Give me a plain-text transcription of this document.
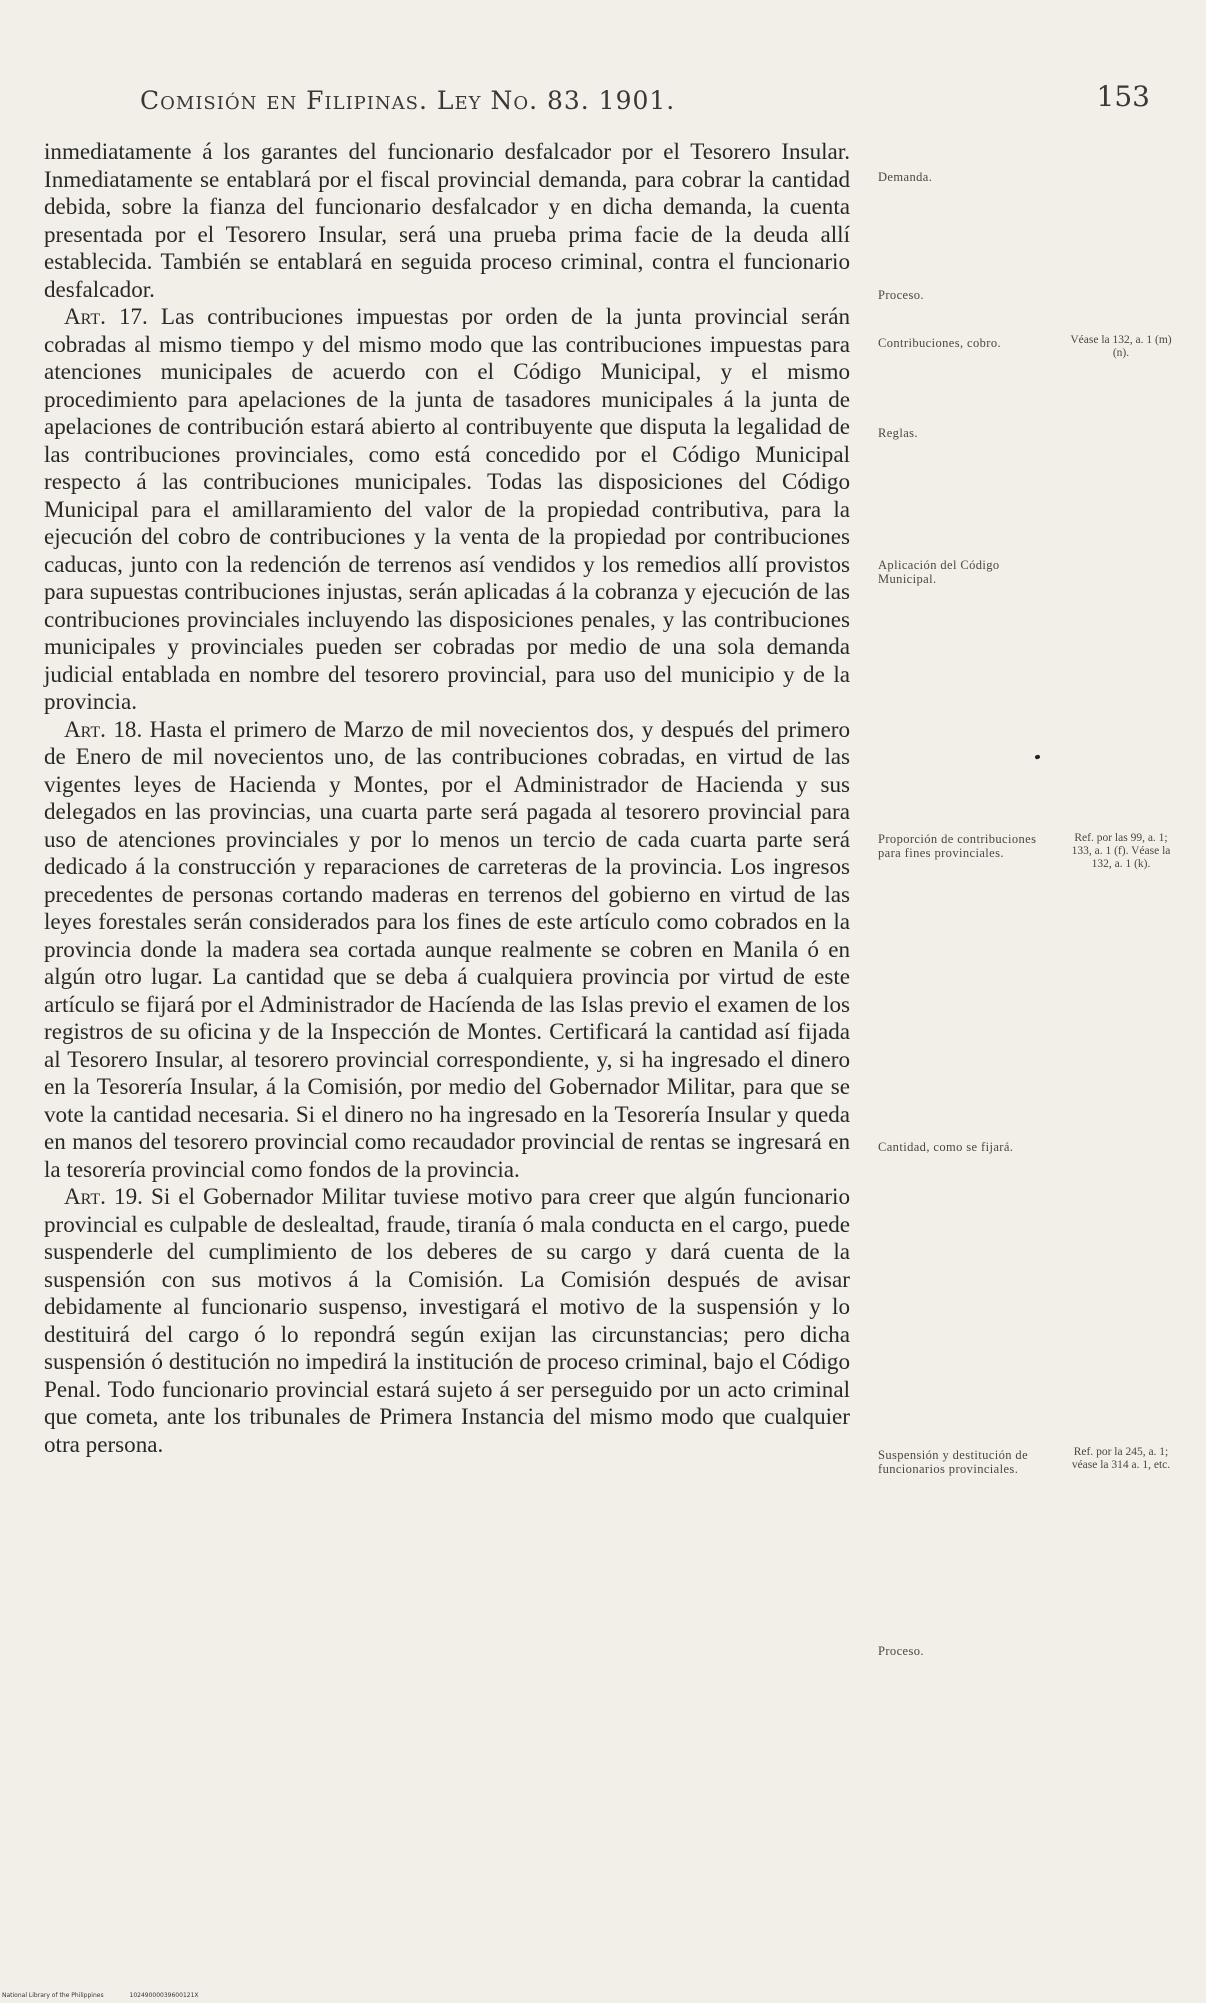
Comisión en Filipinas. Ley No. 83. 1901.	153

inmediatamente á los garantes del funcionario desfalcador por el Tesorero Insular. Inmediatamente se entablará por el fiscal provincial demanda, para cobrar la cantidad debida, sobre la fianza del funcionario desfalcador y en dicha demanda, la cuenta presentada por el Tesorero Insular, será una prueba prima facie de la deuda allí establecida. También se entablará en seguida proceso criminal, contra el funcionario desfalcador.

Art. 17. Las contribuciones impuestas por orden de la junta provincial serán cobradas al mismo tiempo y del mismo modo que las contribuciones impuestas para atenciones municipales de acuerdo con el Código Municipal, y el mismo procedimiento para apelaciones de la junta de tasadores municipales á la junta de apelaciones de contribución estará abierto al contribuyente que disputa la legalidad de las contribuciones provinciales, como está concedido por el Código Municipal respecto á las contribuciones municipales. Todas las disposiciones del Código Municipal para el amillaramiento del valor de la propiedad contributiva, para la ejecución del cobro de contribuciones y la venta de la propiedad por contribuciones caducas, junto con la redención de terrenos así vendidos y los remedios allí provistos para supuestas contribuciones injustas, serán aplicadas á la cobranza y ejecución de las contribuciones provinciales incluyendo las disposiciones penales, y las contribuciones municipales y provinciales pueden ser cobradas por medio de una sola demanda judicial entablada en nombre del tesorero provincial, para uso del municipio y de la provincia.

Art. 18. Hasta el primero de Marzo de mil novecientos dos, y después del primero de Enero de mil novecientos uno, de las contribuciones cobradas, en virtud de las vigentes leyes de Hacienda y Montes, por el Administrador de Hacienda y sus delegados en las provincias, una cuarta parte será pagada al tesorero provincial para uso de atenciones provinciales y por lo menos un tercio de cada cuarta parte será dedicado á la construcción y reparaciones de carreteras de la provincia. Los ingresos precedentes de personas cortando maderas en terrenos del gobierno en virtud de las leyes forestales serán considerados para los fines de este artículo como cobrados en la provincia donde la madera sea cortada aunque realmente se cobren en Manila ó en algún otro lugar. La cantidad que se deba á cualquiera provincia por virtud de este artículo se fijará por el Administrador de Hacíenda de las Islas previo el examen de los registros de su oficina y de la Inspección de Montes. Certificará la cantidad así fijada al Tesorero Insular, al tesorero provincial correspondiente, y, si ha ingresado el dinero en la Tesorería Insular, á la Comisión, por medio del Gobernador Militar, para que se vote la cantidad necesaria. Si el dinero no ha ingresado en la Tesorería Insular y queda en manos del tesorero provincial como recaudador provincial de rentas se ingresará en la tesorería provincial como fondos de la provincia.

Art. 19. Si el Gobernador Militar tuviese motivo para creer que algún funcionario provincial es culpable de deslealtad, fraude, tiranía ó mala conducta en el cargo, puede suspenderle del cumplimiento de los deberes de su cargo y dará cuenta de la suspensión con sus motivos á la Comisión. La Comisión después de avisar debidamente al funcionario suspenso, investigará el motivo de la suspensión y lo destituirá del cargo ó lo repondrá según exijan las circunstancias; pero dicha suspensión ó destitución no impedirá la institución de proceso criminal, bajo el Código Penal. Todo funcionario provincial estará sujeto á ser perseguido por un acto criminal que cometa, ante los tribunales de Primera Instancia del mismo modo que cualquier otra persona.

Demanda.
Proceso.
Contribuciones, cobro.
Reglas.
Aplicación del Código Municipal.
Proporción de contribuciones para fines provinciales.
Cantidad, como se fijará.
Suspensión y destitución de funcionarios provinciales.
Proceso.
Véase la 132, a. 1 (m) (n).
Ref. por las 99, a. 1; 133, a. 1 (f). Véase la 132, a. 1 (k).
Ref. por la 245, a. 1; véase la 314 a. 1, etc.
National Library of the Philippines	10249000039600121X
